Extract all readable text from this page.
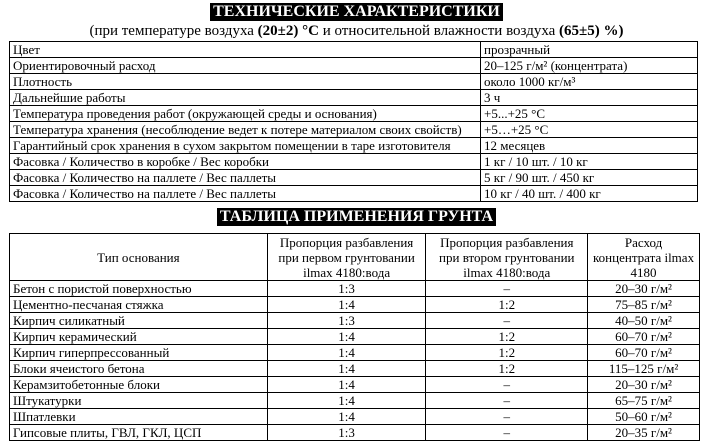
ТЕХНИЧЕСКИЕ ХАРАКТЕРИСТИКИ
(при температуре воздуха (20±2) °C и относительной влажности воздуха (65±5) %)
Цвет	прозрачный
Ориентировочный расход	20–125 г/м² (концентрата)
Плотность	около 1000 кг/м³
Дальнейшие работы	3 ч
Температура проведения работ (окружающей среды и основания)	+5...+25 °C
Температура хранения (несоблюдение ведет к потере материалом своих свойств)	+5…+25 °C
Гарантийный срок хранения в сухом закрытом помещении в таре изготовителя	12 месяцев
Фасовка / Количество в коробке / Вес коробки	1 кг / 10 шт. / 10 кг
Фасовка / Количество на паллете / Вес паллеты	5 кг / 90 шт. / 450 кг
Фасовка / Количество на паллете / Вес паллеты	10 кг / 40 шт. / 400 кг
ТАБЛИЦА ПРИМЕНЕНИЯ ГРУНТА
Тип основания	Пропорция разбавления при первом грунтовании ilmax 4180:вода	Пропорция разбавления при втором грунтовании ilmax 4180:вода	Расход концентрата ilmax 4180
Бетон с пористой поверхностью	1:3	–	20–30 г/м²
Цементно-песчаная стяжка	1:4	1:2	75–85 г/м²
Кирпич силикатный	1:3	–	40–50 г/м²
Кирпич керамический	1:4	1:2	60–70 г/м²
Кирпич гиперпрессованный	1:4	1:2	60–70 г/м²
Блоки ячеистого бетона	1:4	1:2	115–125 г/м²
Керамзитобетонные блоки	1:4	–	20–30 г/м²
Штукатурки	1:4	–	65–75 г/м²
Шпатлевки	1:4	–	50–60 г/м²
Гипсовые плиты, ГВЛ, ГКЛ, ЦСП	1:3	–	20–35 г/м²
